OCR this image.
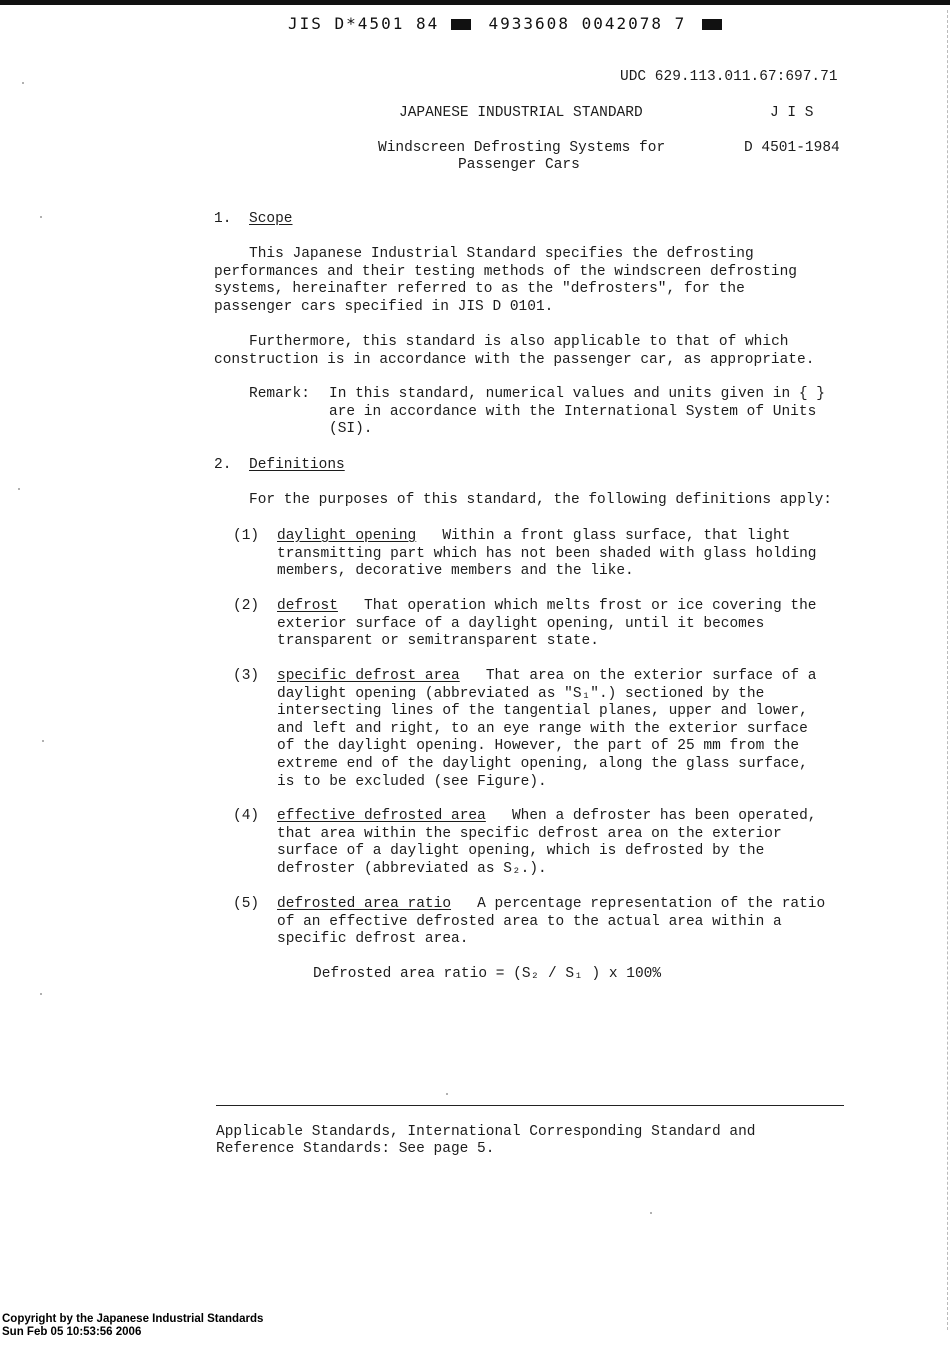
JIS D*4501 84	4933608 0042078 7
UDC 629.113.011.67:697.71
JAPANESE INDUSTRIAL STANDARD	J I S
Windscreen Defrosting Systems for
Passenger Cars
D 4501-1984
1. Scope
This Japanese Industrial Standard specifies the defrosting
performances and their testing methods of the windscreen defrosting
systems, hereinafter referred to as the "defrosters", for the
passenger cars specified in JIS D 0101.
Furthermore, this standard is also applicable to that of which
construction is in accordance with the passenger car, as appropriate.
Remark: In this standard, numerical values and units given in { }
are in accordance with the International System of Units
(SI).
2. Definitions
For the purposes of this standard, the following definitions apply:
(1) daylight opening Within a front glass surface, that light
transmitting part which has not been shaded with glass holding
members, decorative members and the like.
(2) defrost That operation which melts frost or ice covering the
exterior surface of a daylight opening, until it becomes
transparent or semitransparent state.
(3) specific defrost area That area on the exterior surface of a
daylight opening (abbreviated as "S₁".) sectioned by the
intersecting lines of the tangential planes, upper and lower,
and left and right, to an eye range with the exterior surface
of the daylight opening. However, the part of 25 mm from the
extreme end of the daylight opening, along the glass surface,
is to be excluded (see Figure).
(4) effective defrosted area When a defroster has been operated,
that area within the specific defrost area on the exterior
surface of a daylight opening, which is defrosted by the
defroster (abbreviated as S₂.).
(5) defrosted area ratio A percentage representation of the ratio
of an effective defrosted area to the actual area within a
specific defrost area.
Defrosted area ratio = (S₂ / S₁ ) x 100%
Applicable Standards, International Corresponding Standard and
Reference Standards: See page 5.
Copyright by the Japanese Industrial Standards
Sun Feb 05 10:53:56 2006
